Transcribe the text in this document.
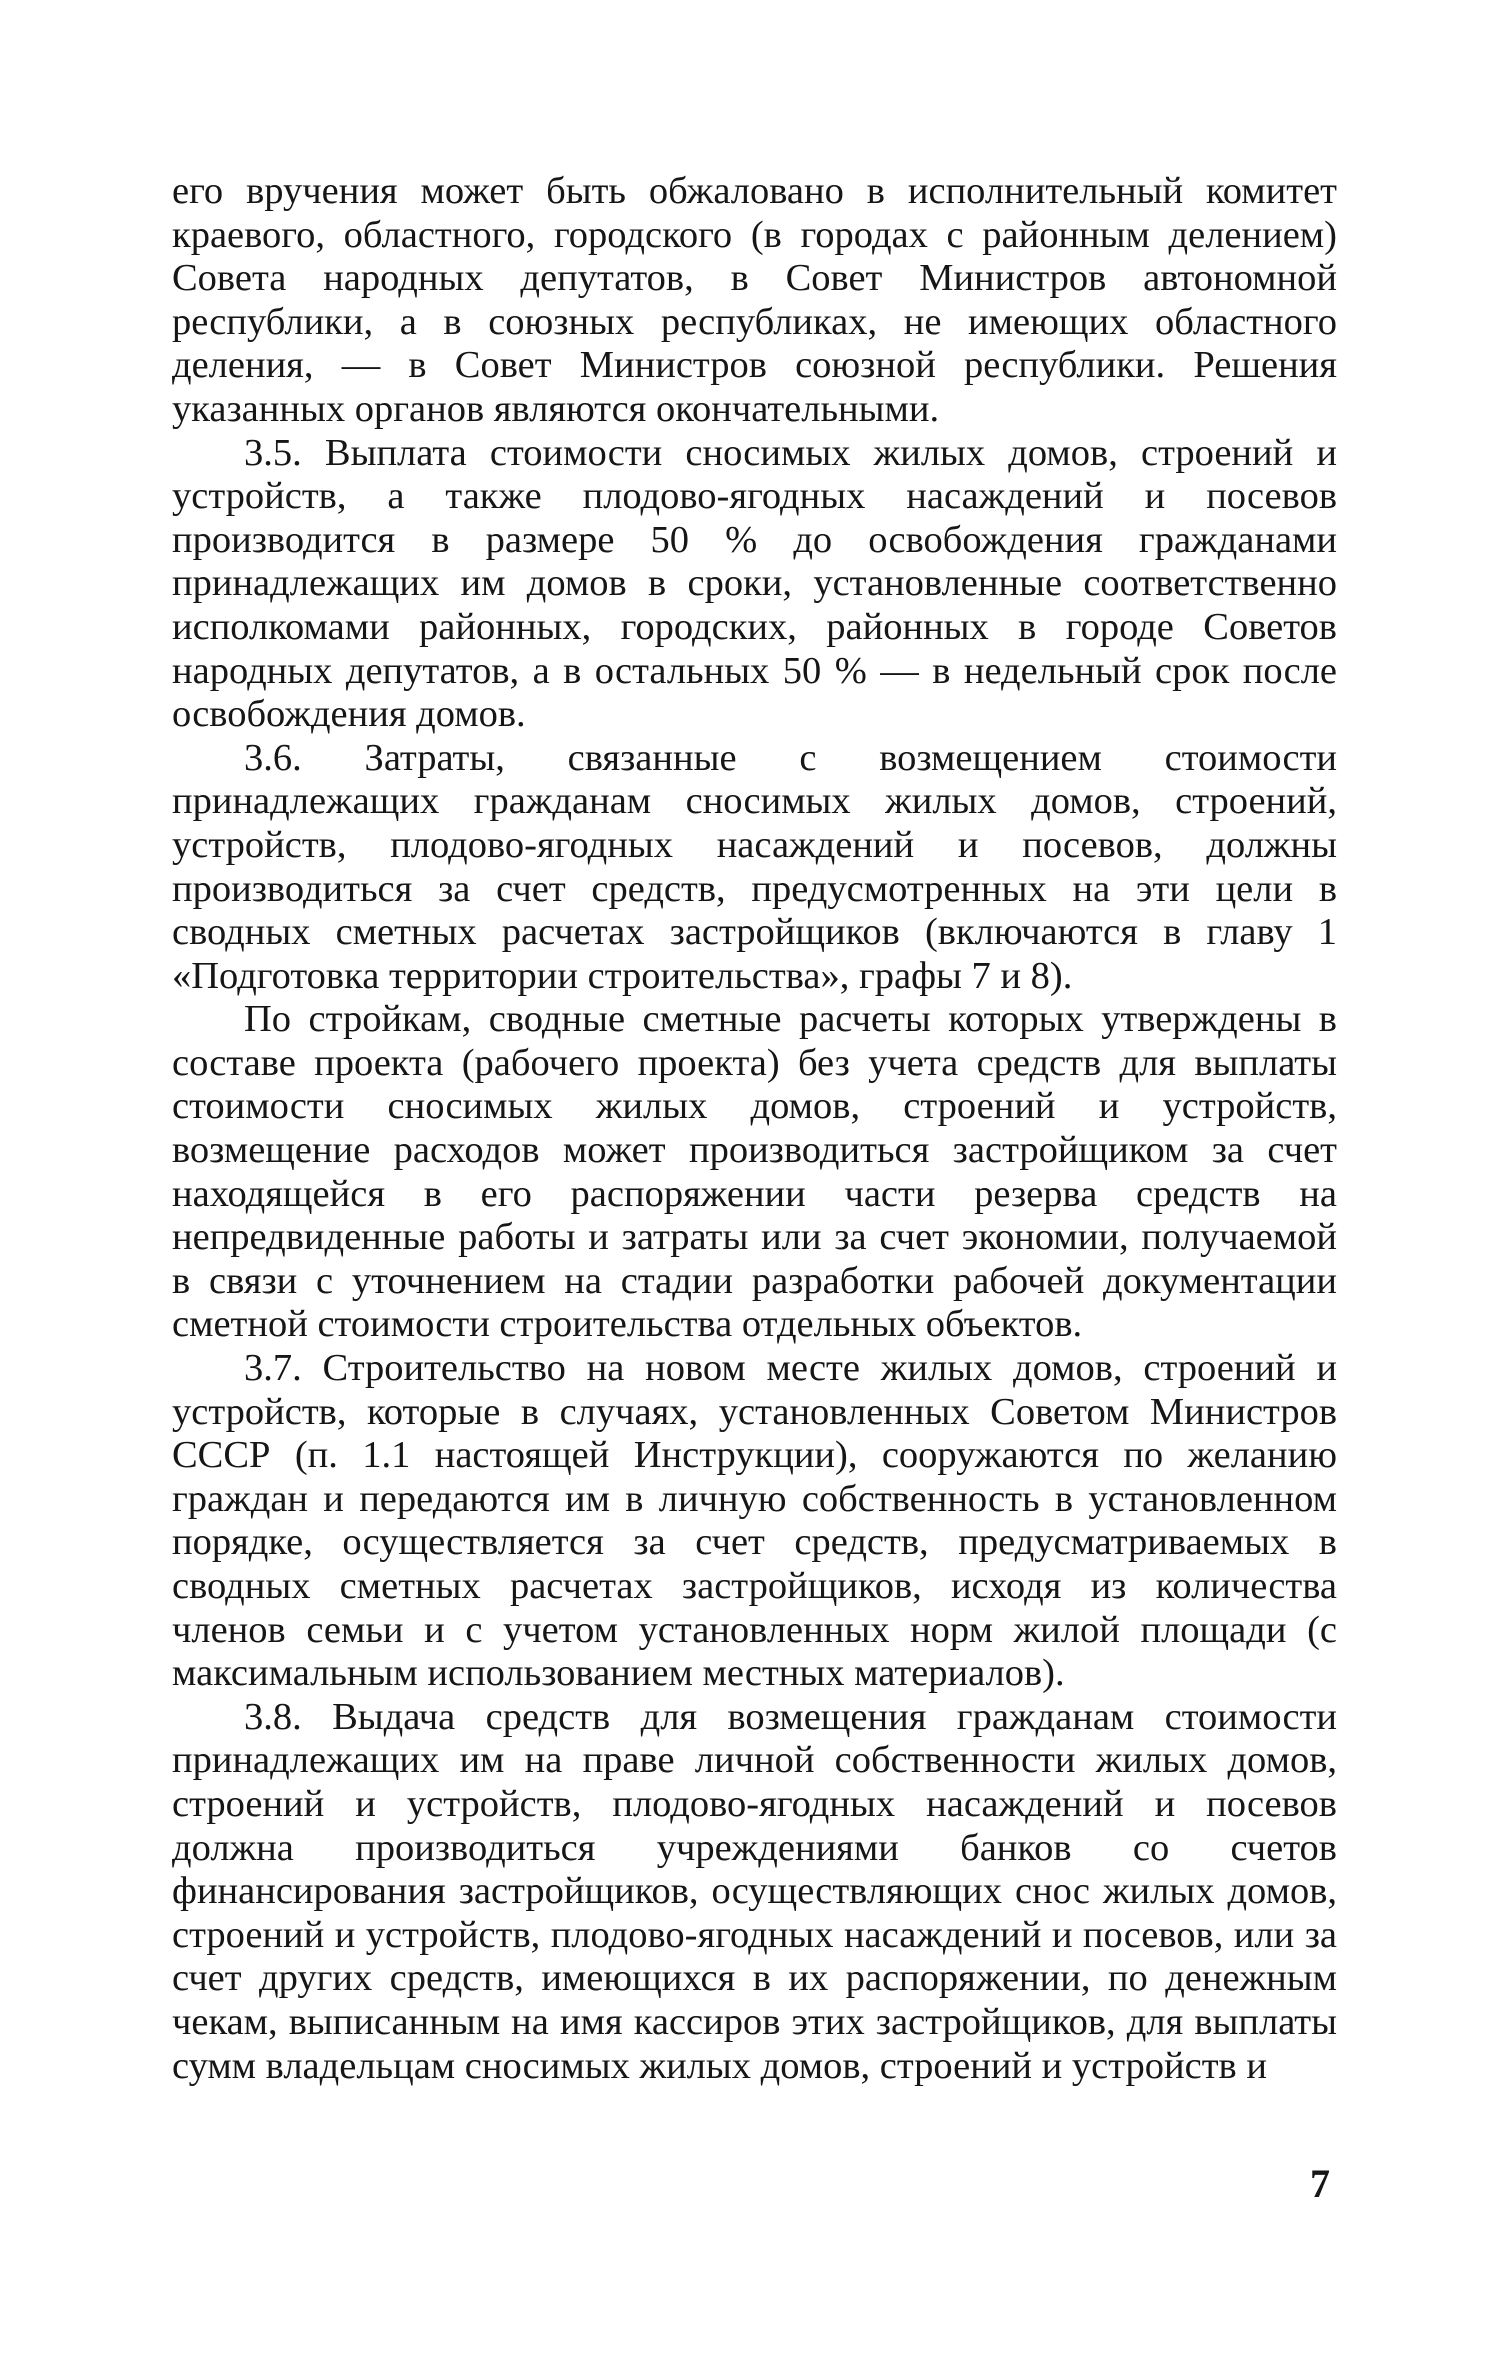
его вручения может быть обжаловано в исполнительный комитет краевого, областного, городского (в городах с районным делением) Совета народных депутатов, в Совет Министров автономной республики, а в союзных республиках, не имеющих областного деления, — в Совет Министров союзной республики. Решения указанных органов являются окончательными.

3.5. Выплата стоимости сносимых жилых домов, строений и устройств, а также плодово-ягодных насаждений и посевов производится в размере 50 % до освобождения гражданами принадлежащих им домов в сроки, установленные соответственно исполкомами районных, городских, районных в городе Советов народных депутатов, а в остальных 50 % — в недельный срок после освобождения домов.

3.6. Затраты, связанные с возмещением стоимости принадлежащих гражданам сносимых жилых домов, строений, устройств, плодово-ягодных насаждений и посевов, должны производиться за счет средств, предусмотренных на эти цели в сводных сметных расчетах застройщиков (включаются в главу 1 «Подготовка территории строительства», графы 7 и 8).

По стройкам, сводные сметные расчеты которых утверждены в составе проекта (рабочего проекта) без учета средств для выплаты стоимости сносимых жилых домов, строений и устройств, возмещение расходов может производиться застройщиком за счет находящейся в его распоряжении части резерва средств на непредвиденные работы и затраты или за счет экономии, получаемой в связи с уточнением на стадии разработки рабочей документации сметной стоимости строительства отдельных объектов.

3.7. Строительство на новом месте жилых домов, строений и устройств, которые в случаях, установленных Советом Министров СССР (п. 1.1 настоящей Инструкции), сооружаются по желанию граждан и передаются им в личную собственность в установленном порядке, осуществляется за счет средств, предусматриваемых в сводных сметных расчетах застройщиков, исходя из количества членов семьи и с учетом установленных норм жилой площади (с максимальным использованием местных материалов).

3.8. Выдача средств для возмещения гражданам стоимости принадлежащих им на праве личной собственности жилых домов, строений и устройств, плодово-ягодных насаждений и посевов должна производиться учреждениями банков со счетов финансирования застройщиков, осуществляющих снос жилых домов, строений и устройств, плодово-ягодных насаждений и посевов, или за счет других средств, имеющихся в их распоряжении, по денежным чекам, выписанным на имя кассиров этих застройщиков, для выплаты сумм владельцам сносимых жилых домов, строений и устройств и

7
